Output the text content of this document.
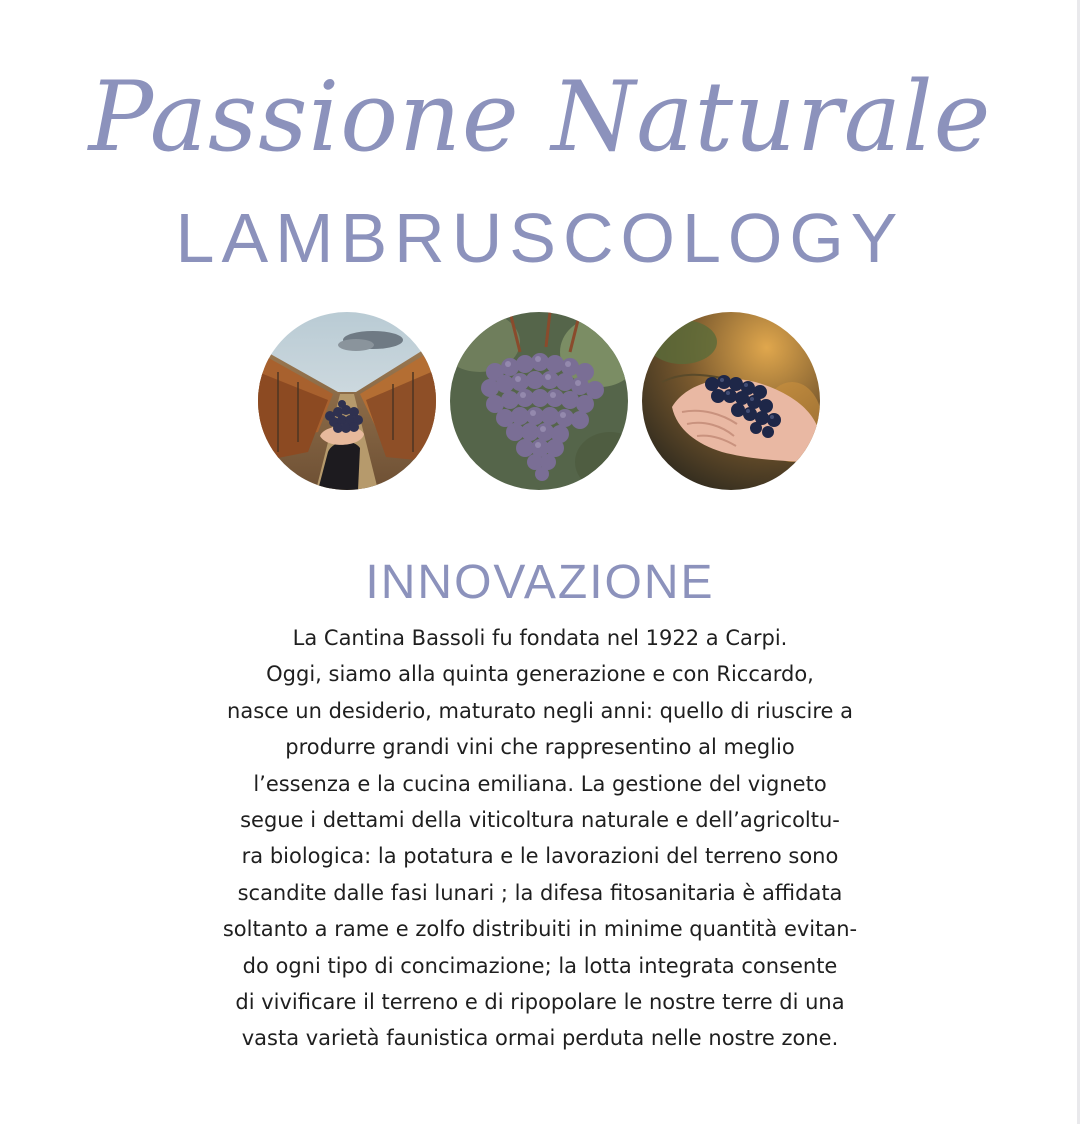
Passione Naturale
LAMBRUSCOLOGY
INNOVAZIONE
La Cantina Bassoli fu fondata nel 1922 a Carpi.
Oggi, siamo alla quinta generazione e con Riccardo,
nasce un desiderio, maturato negli anni: quello di riuscire a
produrre grandi vini che rappresentino al meglio
l’essenza e la cucina emiliana. La gestione del vigneto
segue i dettami della viticoltura naturale e dell’agricoltu-
ra biologica: la potatura e le lavorazioni del terreno sono
scandite dalle fasi lunari ; la difesa fitosanitaria è affidata
soltanto a rame e zolfo distribuiti in minime quantità evitan-
do ogni tipo di concimazione; la lotta integrata consente
di vivificare il terreno e di ripopolare le nostre terre di una
vasta varietà faunistica ormai perduta nelle nostre zone.
